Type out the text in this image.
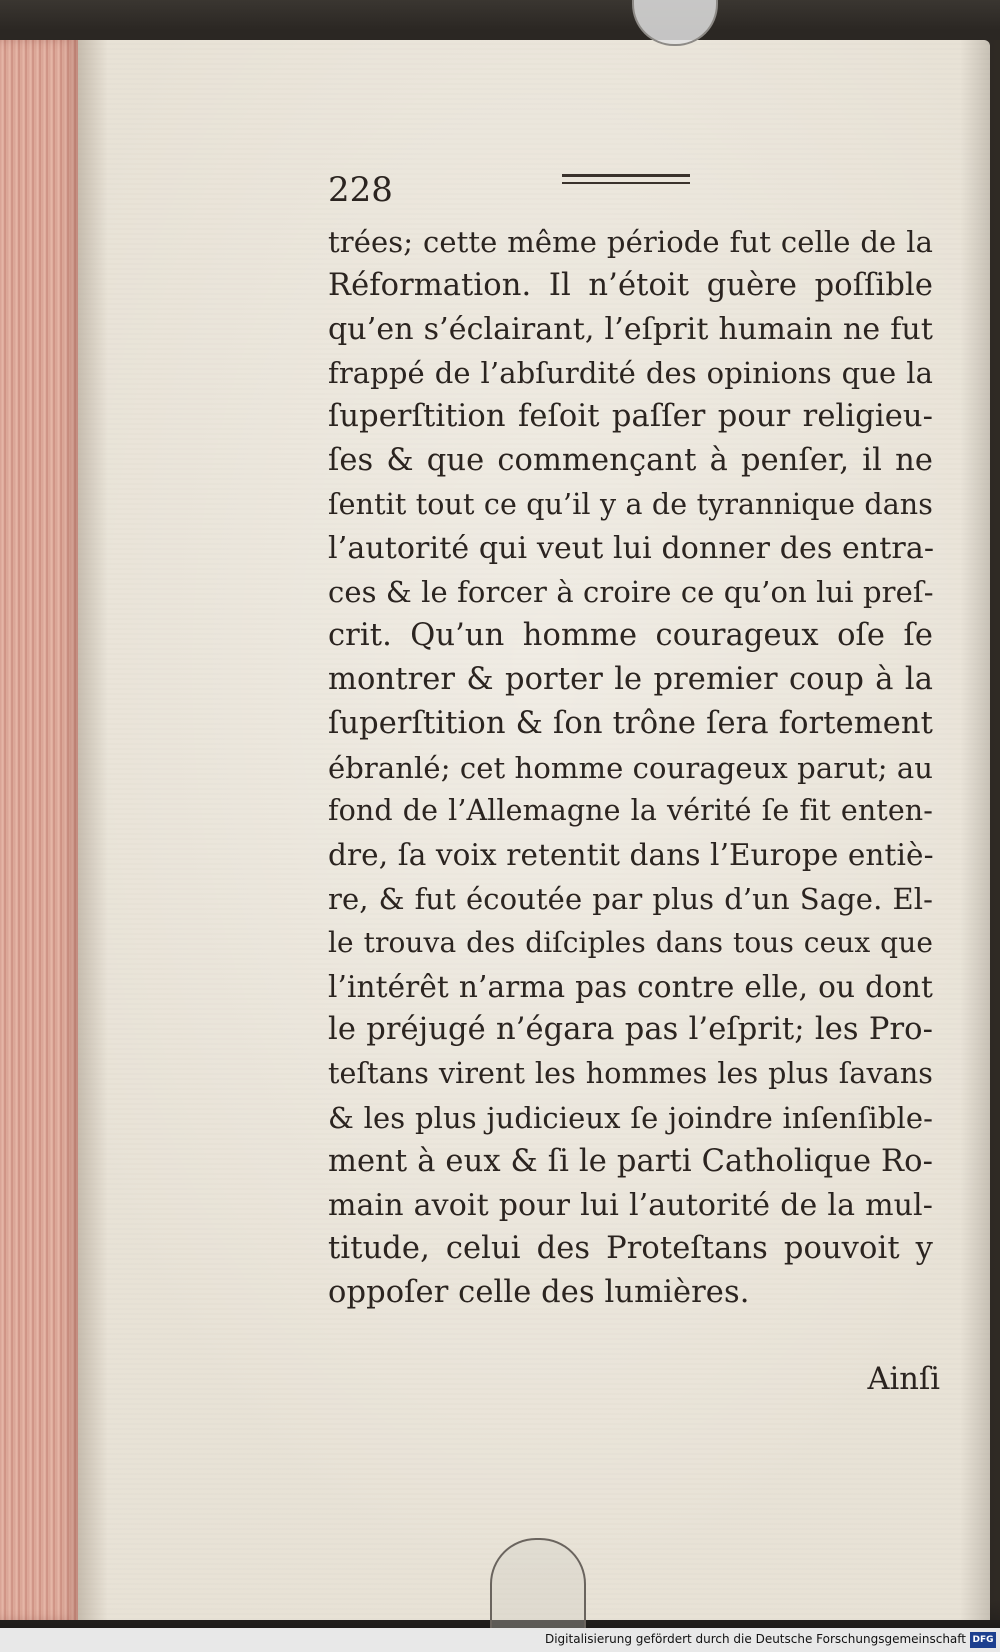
228
trées; cette même période fut celle de la
Réformation. Il n’étoit guère poſſible
qu’en s’éclairant, l’eſprit humain ne fut
frappé de l’abſurdité des opinions que la
ſuperſtition feſoit paſſer pour religieu-
ſes & que commençant à penſer, il ne
ſentit tout ce qu’il y a de tyrannique dans
l’autorité qui veut lui donner des entra-
ces & le forcer à croire ce qu’on lui preſ-
crit. Qu’un homme courageux oſe ſe
montrer & porter le premier coup à la
ſuperſtition & ſon trône ſera fortement
ébranlé; cet homme courageux parut; au
fond de l’Allemagne la vérité ſe fit enten-
dre, ſa voix retentit dans l’Europe entiè-
re, & fut écoutée par plus d’un Sage. El-
le trouva des diſciples dans tous ceux que
l’intérêt n’arma pas contre elle, ou dont
le préjugé n’égara pas l’eſprit; les Pro-
teſtans virent les hommes les plus ſavans
& les plus judicieux ſe joindre inſenſible-
ment à eux & ſi le parti Catholique Ro-
main avoit pour lui l’autorité de la mul-
titude, celui des Proteſtans pouvoit y
oppoſer celle des lumières.
Ainſi
Digitalisierung gefördert durch die Deutsche Forschungsgemeinschaft DFG
